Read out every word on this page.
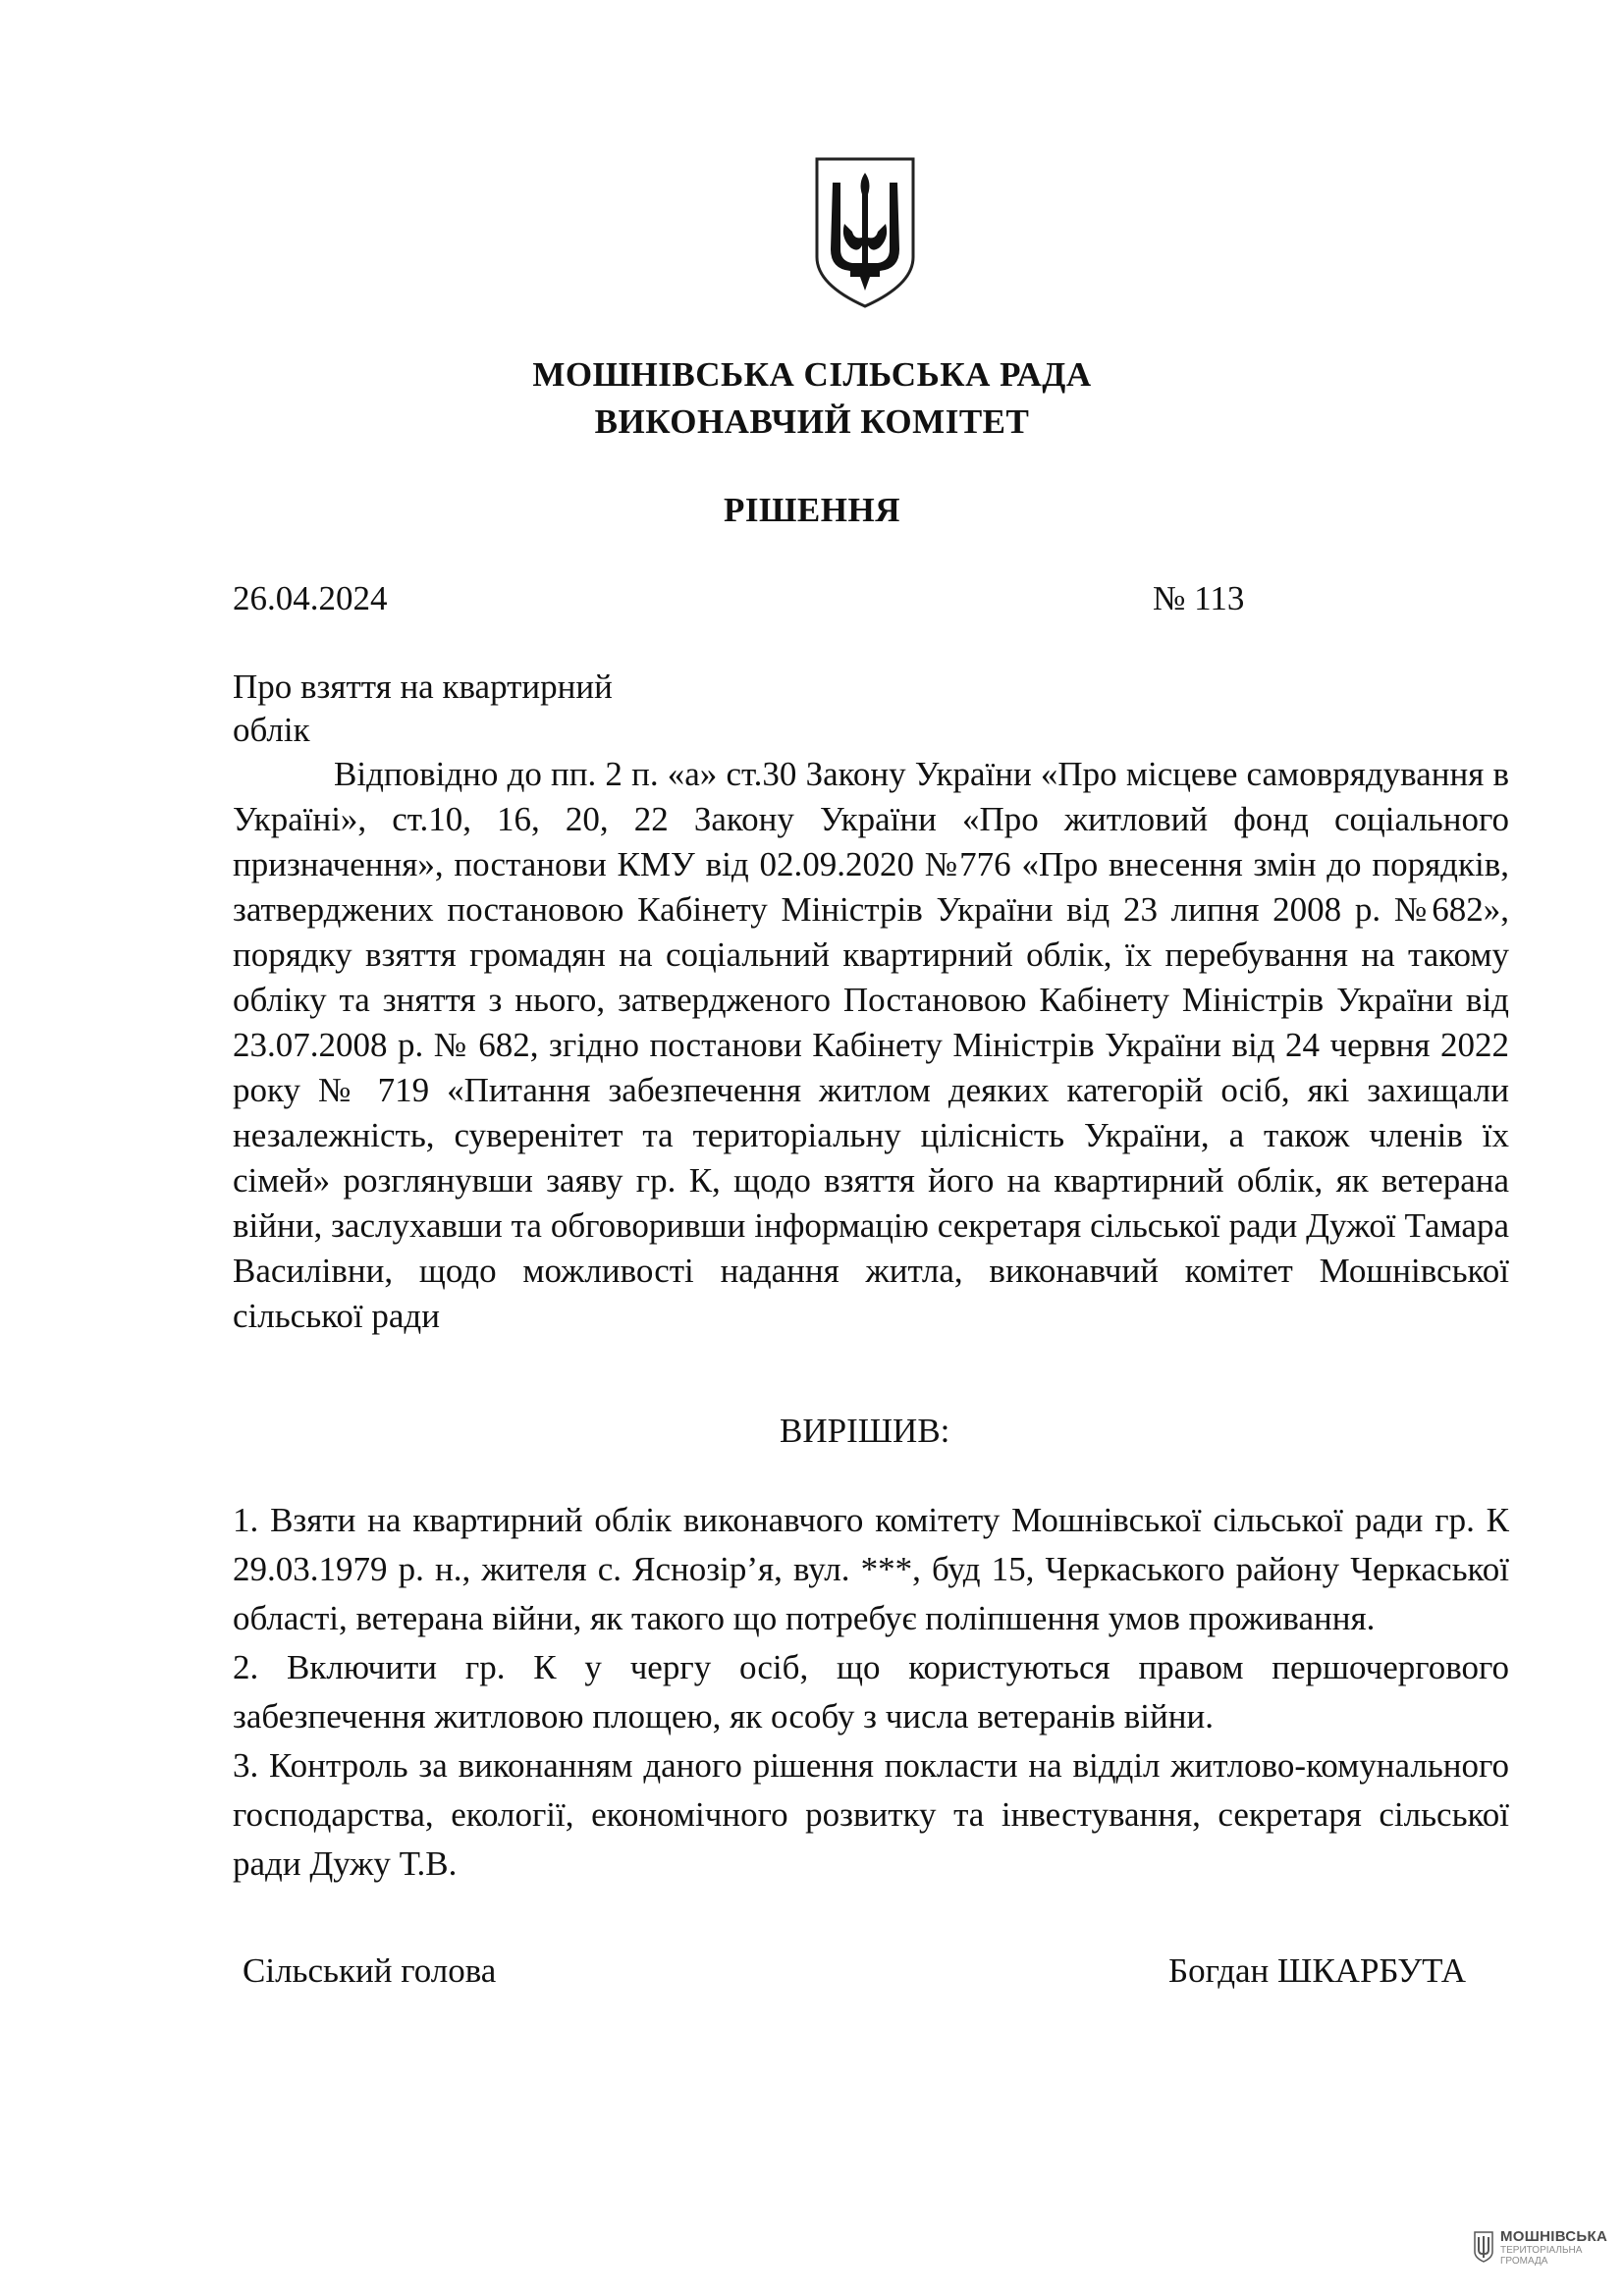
МОШНІВСЬКА СІЛЬСЬКА РАДА
ВИКОНАВЧИЙ КОМІТЕТ
РІШЕННЯ
26.04.2024	№ 113
Про взяття на квартирний
облік

Відповідно до пп. 2 п. «а» ст.30 Закону України «Про місцеве самоврядування в Україні», ст.10, 16, 20, 22 Закону України «Про житловий фонд соціального призначення», постанови КМУ від 02.09.2020 №776 «Про внесення змін до порядків, затверджених постановою Кабінету Міністрів України від 23 липня 2008 р. №682», порядку взяття громадян на соціальний квартирний облік, їх перебування на такому обліку та зняття з нього, затвердженого Постановою Кабінету Міністрів України від 23.07.2008 р. № 682, згідно постанови Кабінету Міністрів України від 24 червня 2022 року № 719 «Питання забезпечення житлом деяких категорій осіб, які захищали незалежність, суверенітет та територіальну цілісність України, а також членів їх сімей» розглянувши заяву гр. К, щодо взяття його на квартирний облік, як ветерана війни, заслухавши та обговоривши інформацію секретаря сільської ради Дужої Тамара Василівни, щодо можливості надання житла, виконавчий комітет Мошнівської сільської ради

ВИРІШИВ:

1. Взяти на квартирний облік виконавчого комітету Мошнівської сільської ради гр. К 29.03.1979 р. н., жителя с. Яснозір’я, вул. ***, буд 15, Черкаського району Черкаської області, ветерана війни, як такого що потребує поліпшення умов проживання.

2. Включити гр. К у чергу осіб, що користуються правом першочергового забезпечення житловою площею, як особу з числа ветеранів війни.

3. Контроль за виконанням даного рішення покласти на відділ житлово-комунального господарства, екології, економічного розвитку та інвестування, секретаря сільської ради Дужу Т.В.

Сільський голова	Богдан ШКАРБУТА
МОШНІВСЬКА
ТЕРИТОРІАЛЬНА
ГРОМАДА
